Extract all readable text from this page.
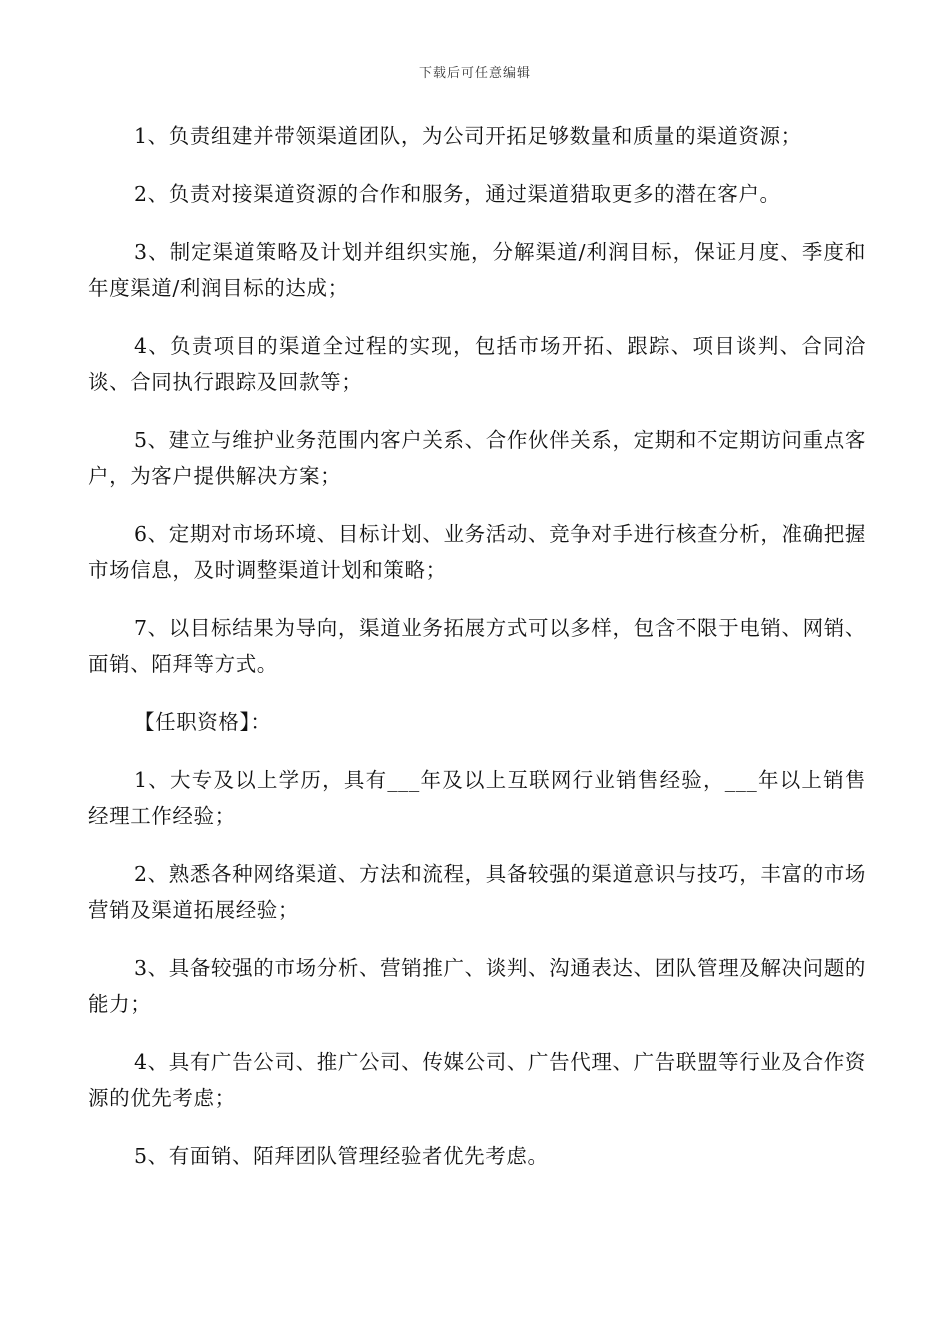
下载后可任意编辑

1、负责组建并带领渠道团队，为公司开拓足够数量和质量的渠道资源；

2、负责对接渠道资源的合作和服务，通过渠道猎取更多的潜在客户。

3、制定渠道策略及计划并组织实施，分解渠道/利润目标，保证月度、季度和年度渠道/利润目标的达成；

4、负责项目的渠道全过程的实现，包括市场开拓、跟踪、项目谈判、合同洽谈、合同执行跟踪及回款等；

5、建立与维护业务范围内客户关系、合作伙伴关系，定期和不定期访问重点客户，为客户提供解决方案；

6、定期对市场环境、目标计划、业务活动、竞争对手进行核查分析，准确把握市场信息，及时调整渠道计划和策略；

7、以目标结果为导向，渠道业务拓展方式可以多样，包含不限于电销、网销、面销、陌拜等方式。

【任职资格】：

1、大专及以上学历，具有___年及以上互联网行业销售经验，___年以上销售经理工作经验；

2、熟悉各种网络渠道、方法和流程，具备较强的渠道意识与技巧，丰富的市场营销及渠道拓展经验；

3、具备较强的市场分析、营销推广、谈判、沟通表达、团队管理及解决问题的能力；

4、具有广告公司、推广公司、传媒公司、广告代理、广告联盟等行业及合作资源的优先考虑；

5、有面销、陌拜团队管理经验者优先考虑。
